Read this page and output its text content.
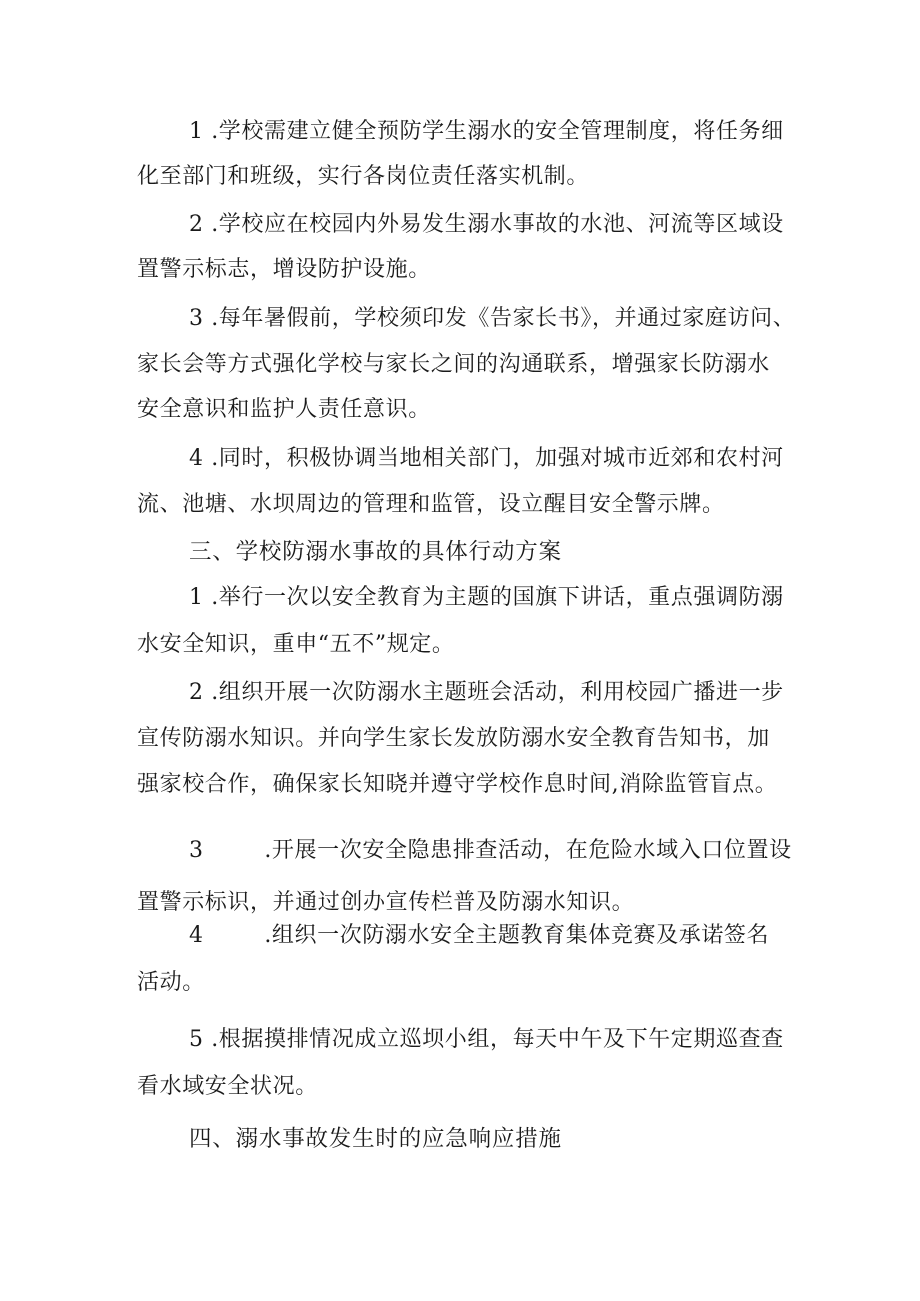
1 .学校需建立健全预防学生溺水的安全管理制度，将任务细
化至部门和班级，实行各岗位责任落实机制。
2 .学校应在校园内外易发生溺水事故的水池、河流等区域设
置警示标志，增设防护设施。
3 .每年暑假前，学校须印发《告家长书》，并通过家庭访问、
家长会等方式强化学校与家长之间的沟通联系，增强家长防溺水
安全意识和监护人责任意识。
4 .同时，积极协调当地相关部门，加强对城市近郊和农村河
流、池塘、水坝周边的管理和监管，设立醒目安全警示牌。
三、学校防溺水事故的具体行动方案
1 .举行一次以安全教育为主题的国旗下讲话，重点强调防溺
水安全知识，重申“五不”规定。
2 .组织开展一次防溺水主题班会活动，利用校园广播进一步
宣传防溺水知识。并向学生家长发放防溺水安全教育告知书，加
强家校合作，确保家长知晓并遵守学校作息时间,消除监管盲点。
3        .开展一次安全隐患排查活动，在危险水域入口位置设
置警示标识，并通过创办宣传栏普及防溺水知识。
4        .组织一次防溺水安全主题教育集体竞赛及承诺签名
活动。
5 .根据摸排情况成立巡坝小组，每天中午及下午定期巡查查
看水域安全状况。
四、溺水事故发生时的应急响应措施
